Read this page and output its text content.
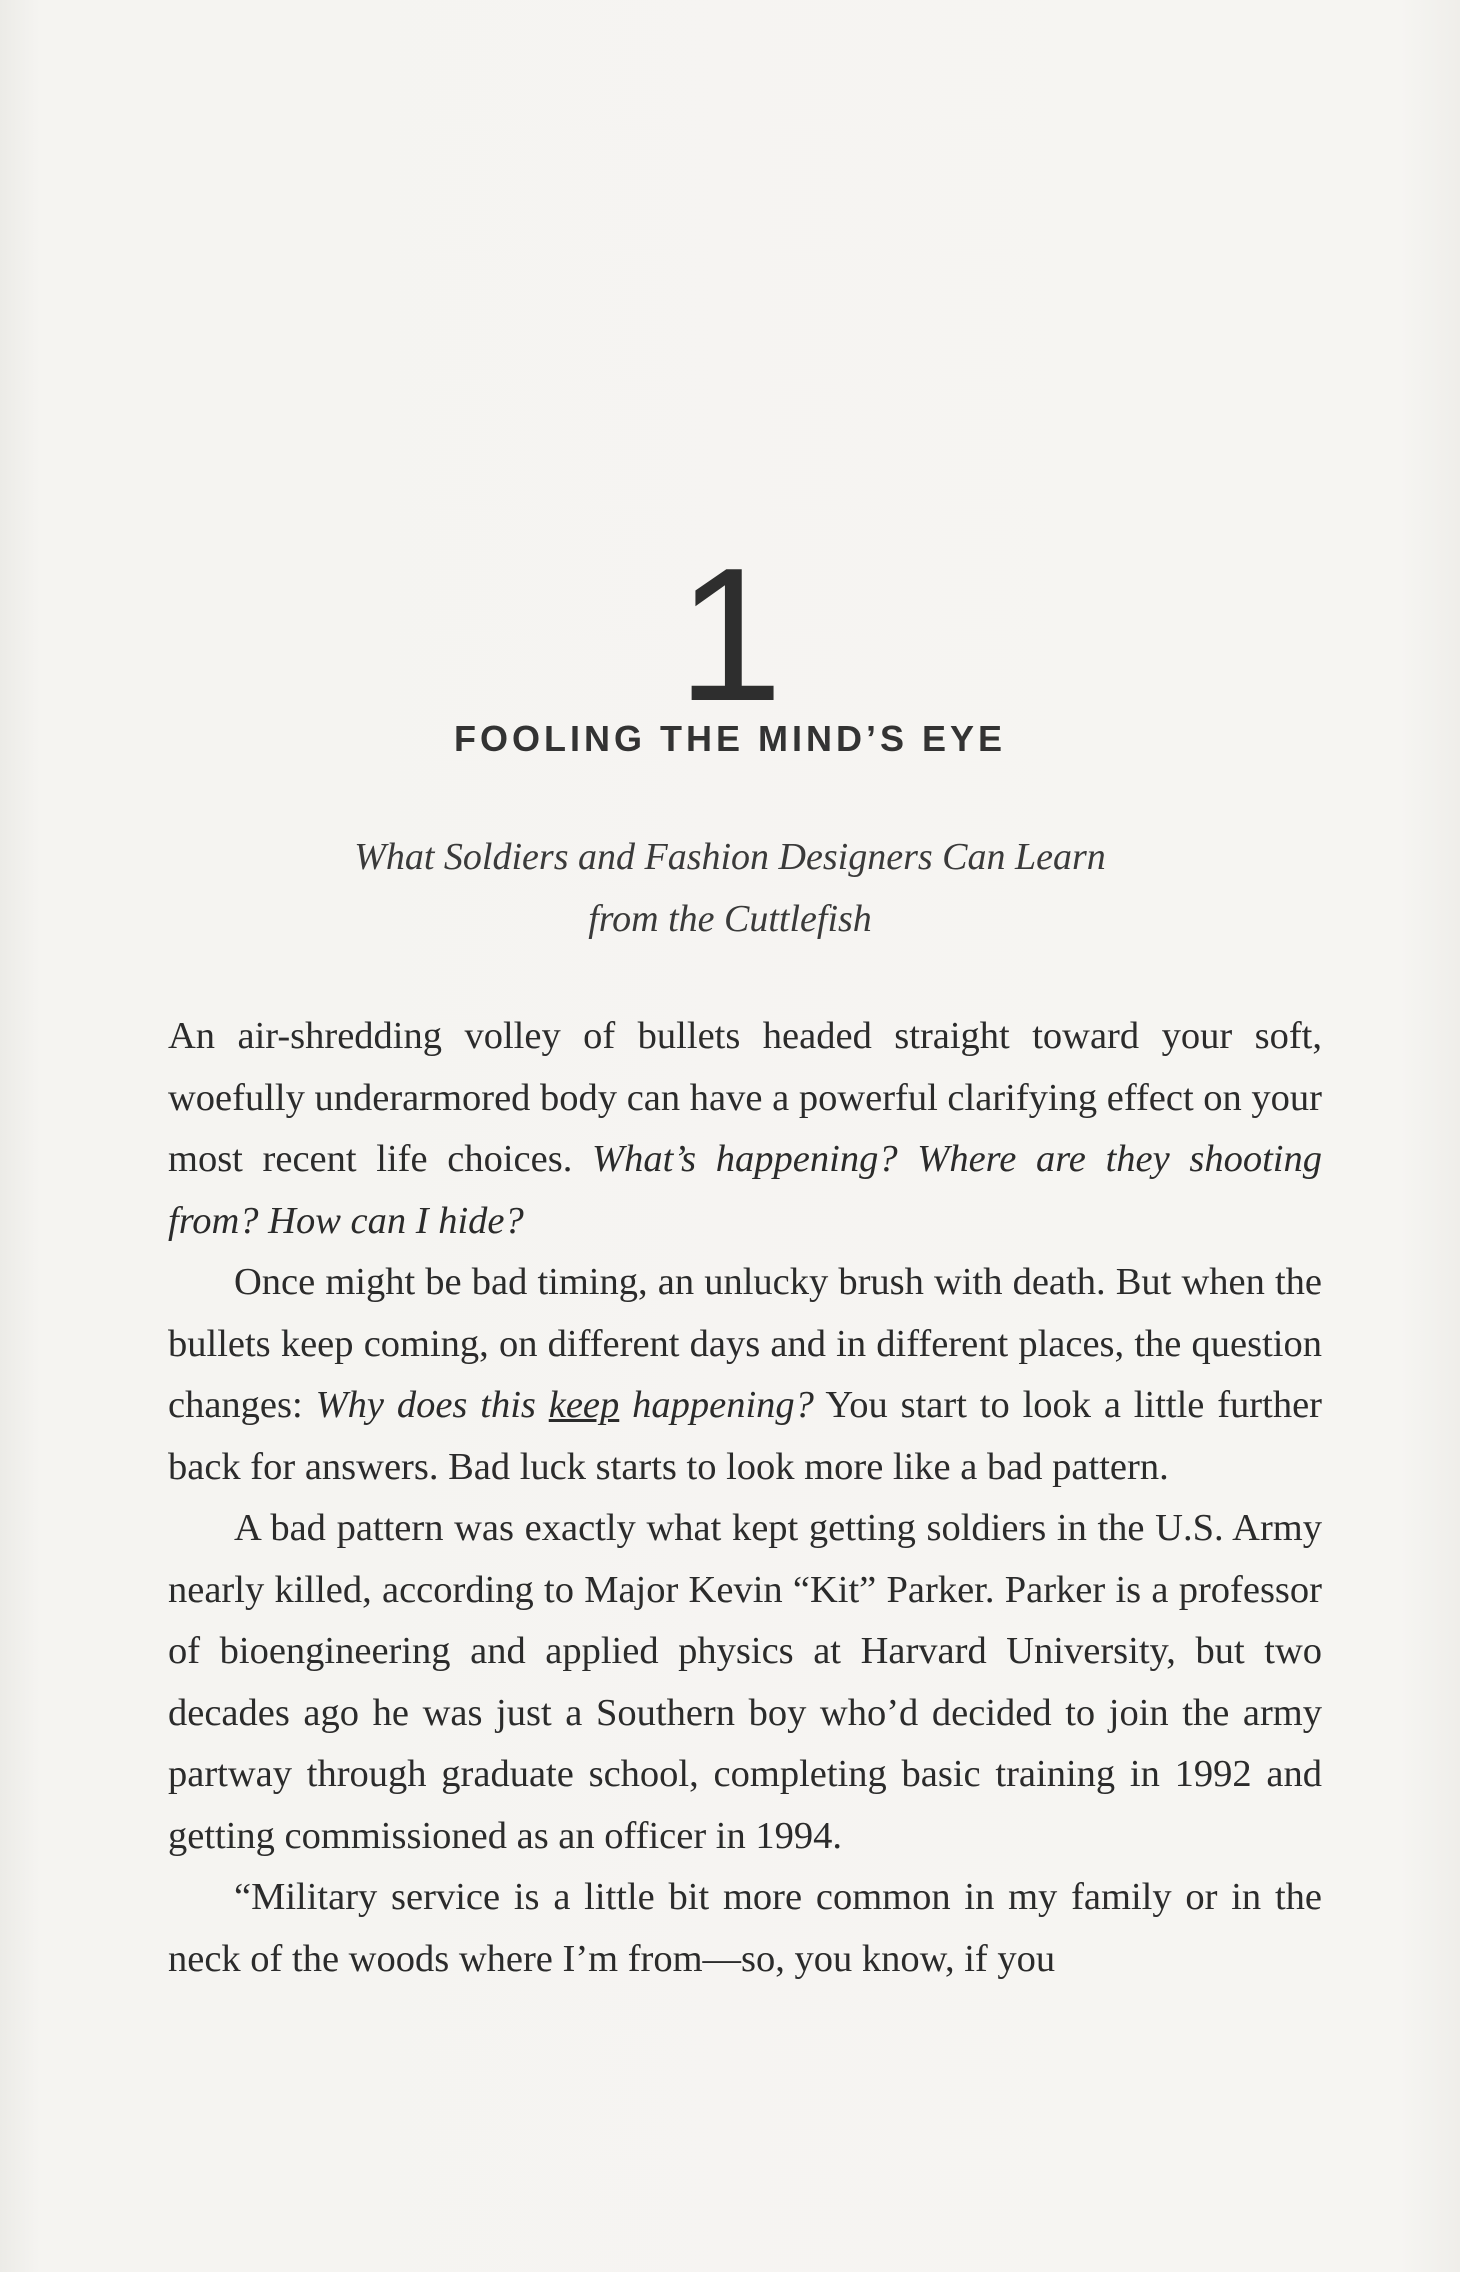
1
FOOLING THE MIND’S EYE
What Soldiers and Fashion Designers Can Learn
from the Cuttlefish

An air-shredding volley of bullets headed straight toward your soft, woefully underarmored body can have a powerful clarifying effect on your most recent life choices. What’s happening? Where are they shooting from? How can I hide?

Once might be bad timing, an unlucky brush with death. But when the bullets keep coming, on different days and in different places, the question changes: Why does this keep happening? You start to look a little further back for answers. Bad luck starts to look more like a bad pattern.

A bad pattern was exactly what kept getting soldiers in the U.S. Army nearly killed, according to Major Kevin “Kit” Parker. Parker is a professor of bioengineering and applied physics at Harvard University, but two decades ago he was just a Southern boy who’d decided to join the army partway through graduate school, completing basic training in 1992 and getting commissioned as an officer in 1994.

“Military service is a little bit more common in my family or in the neck of the woods where I’m from—so, you know, if you
